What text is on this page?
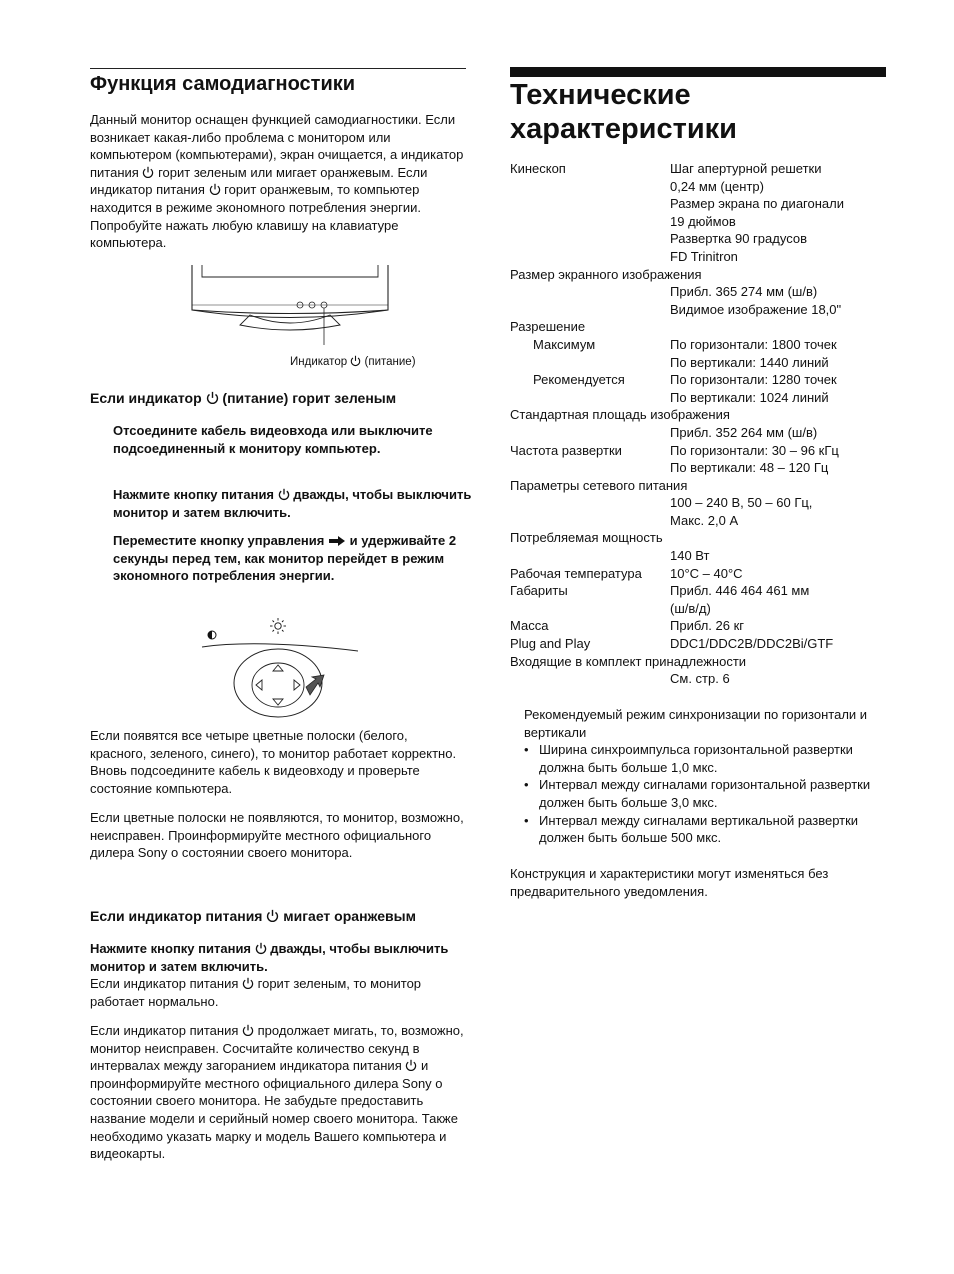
Функция самодиагностики
Данный монитор оснащен функцией самодиагностики. Если возникает какая-либо проблема с монитором или компьютером (компьютерами), экран очищается, а индикатор питания горит зеленым или мигает оранжевым. Если индикатор питания горит оранжевым, то компьютер находится в режиме экономного потребления энергии. Попробуйте нажать любую клавишу на клавиатуре компьютера.
Индикатор (питание)
Если индикатор (питание) горит зеленым

Отсоедините кабель видеовхода или выключите подсоединенный к монитору компьютер.

Нажмите кнопку питания дважды, чтобы выключить монитор и затем включить.

Переместите кнопку управления и удерживайте 2 секунды перед тем, как монитор перейдет в режим экономного потребления энергии.

Если появятся все четыре цветные полоски (белого, красного, зеленого, синего), то монитор работает корректно. Вновь подсоедините кабель к видеовходу и проверьте состояние компьютера.

Если цветные полоски не появляются, то монитор, возможно, неисправен. Проинформируйте местного официального дилера Sony о состоянии своего монитора.

Если индикатор питания мигает оранжевым
Нажмите кнопку питания дважды, чтобы выключить монитор и затем включить.
Если индикатор питания горит зеленым, то монитор работает нормально.
Если индикатор питания продолжает мигать, то, возможно, монитор неисправен. Сосчитайте количество секунд в интервалах между загоранием индикатора питания и проинформируйте местного официального дилера Sony о состоянии своего монитора. Не забудьте предоставить название модели и серийный номер своего монитора. Также необходимо указать марку и модель Вашего компьютера и видеокарты.
Технические
характеристики
Кинескоп	Шаг апертурной решетки
0,24 мм (центр)
Размер экрана по диагонали
19 дюймов
Развертка 90 градусов
FD Trinitron
Размер экранного изображения
Прибл. 365 274 мм (ш/в)
Видимое изображение 18,0"
Разрешение
Максимум	По горизонтали: 1800 точек
По вертикали: 1440 линий
Рекомендуется	По горизонтали: 1280 точек
По вертикали: 1024 линий
Стандартная площадь изображения
Прибл. 352 264 мм (ш/в)
Частота развертки	По горизонтали: 30 – 96 кГц
По вертикали: 48 – 120 Гц
Параметры сетевого питания
100 – 240 В, 50 – 60 Гц,
Макс. 2,0 А
Потребляемая мощность
140 Вт
Рабочая температура 10°C – 40°C
Габариты	Прибл. 446 464 461 мм
(ш/в/д)
Масса	Прибл. 26 кг
Plug and Play	DDC1/DDC2B/DDC2Bi/GTF
Входящие в комплект принадлежности
См. стр. 6
Рекомендуемый режим синхронизации по горизонтали и вертикали
• Ширина синхроимпульса горизонтальной развертки должна быть больше 1,0 мкс.
• Интервал между сигналами горизонтальной развертки должен быть больше 3,0 мкс.
• Интервал между сигналами вертикальной развертки должен быть больше 500 мкс.

Конструкция и характеристики могут изменяться без предварительного уведомления.
